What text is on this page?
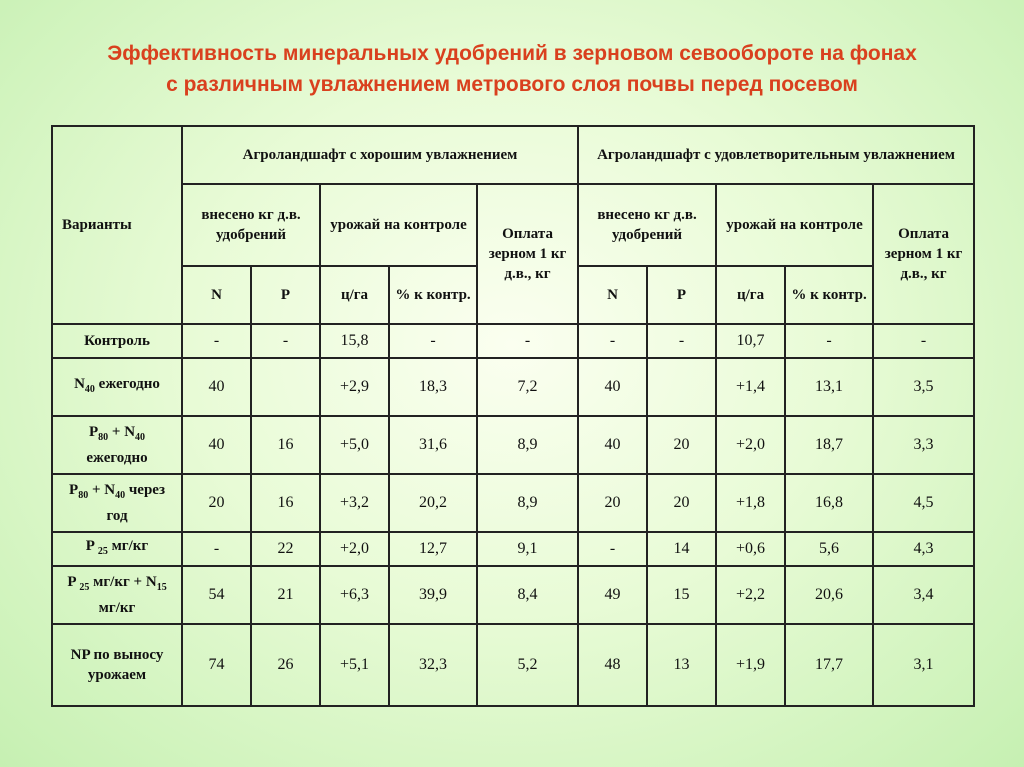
Эффективность минеральных удобрений в зерновом севообороте на фонах
с различным увлажнением метрового слоя почвы перед посевом
Варианты	Агроландшафт с хорошим увлажнением					Агроландшафт с удовлетворительным увлажнением				
	внесено кг д.в. удобрений		урожай на контроле		Оплата зерном 1 кг д.в., кг	внесено кг д.в. удобрений		урожай на контроле		Оплата зерном 1 кг д.в., кг
	N	P	ц/га	% к контр.		N	P	ц/га	% к контр.	
Контроль	-	-	15,8	-	-	-	-	10,7	-	-
$N_{40}$ ежегодно	40		+2,9	18,3	7,2	40		+1,4	13,1	3,5
$P_{80} + N_{40}$ ежегодно	40	16	+5,0	31,6	8,9	40	20	+2,0	18,7	3,3
$P_{80} + N_{40}$ через год	20	16	+3,2	20,2	8,9	20	20	+1,8	16,8	4,5
P $_{25}$ мг/кг	-	22	+2,0	12,7	9,1	-	14	+0,6	5,6	4,3
P $_{25}$ $мг/кг + N_{15}$ мг/кг	54	21	+6,3	39,9	8,4	49	15	+2,2	20,6	3,4
NP по выносу урожаем	74	26	+5,1	32,3	5,2	48	13	+1,9	17,7	3,1
